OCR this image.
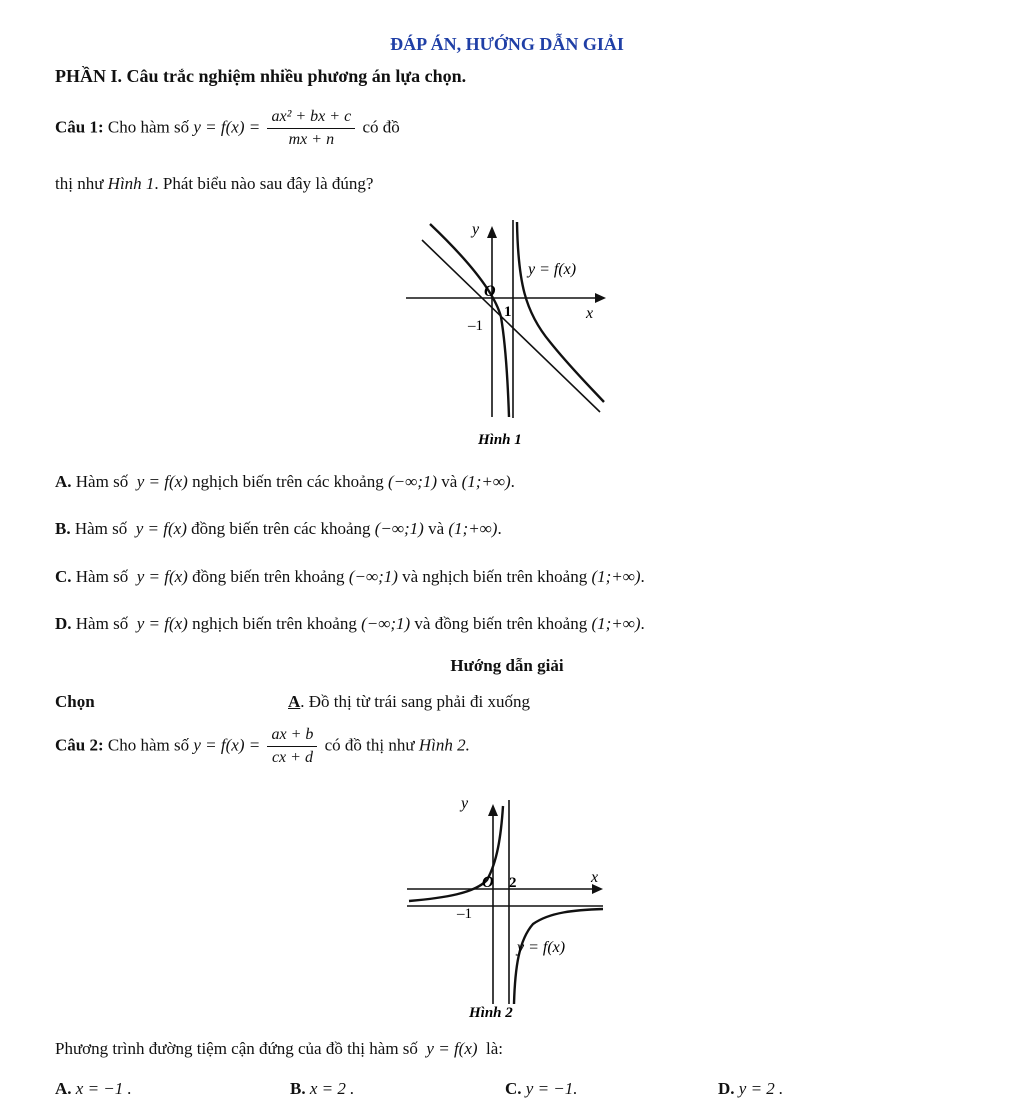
ĐÁP ÁN, HƯỚNG DẪN GIẢI
PHẦN I. Câu trắc nghiệm nhiều phương án lựa chọn.
Câu 1: Cho hàm số $y = f(x) = \frac{\text{ax² + bx + c}}{mx + n}$ có đồ
thị như Hình 1. Phát biểu nào sau đây là đúng?
y
x
O
1
–1
y = f(x)
Hình 1
A. Hàm số y = f(x) nghịch biến trên các khoảng (−∞;1) và (1;+∞).
B. Hàm số y = f(x) đồng biến trên các khoảng (−∞;1) và (1;+∞).
C. Hàm số y = f(x) đồng biến trên khoảng (−∞;1) và nghịch biến trên khoảng (1;+∞).
D. Hàm số y = f(x) nghịch biến trên khoảng (−∞;1) và đồng biến trên khoảng (1;+∞).
Hướng dẫn giải
Chọn	A. Đồ thị từ trái sang phải đi xuống
Câu 2: Cho hàm số $y = f(x) = \frac{ax + b}{cx + d}$ có đồ thị như Hình 2.
y
x
O 2
–1
y = f(x)
Hình 2
Phương trình đường tiệm cận đứng của đồ thị hàm số y = f(x) là:
A. x = −1 .	B. x = 2 .	C. y = −1.	D. y = 2 .
